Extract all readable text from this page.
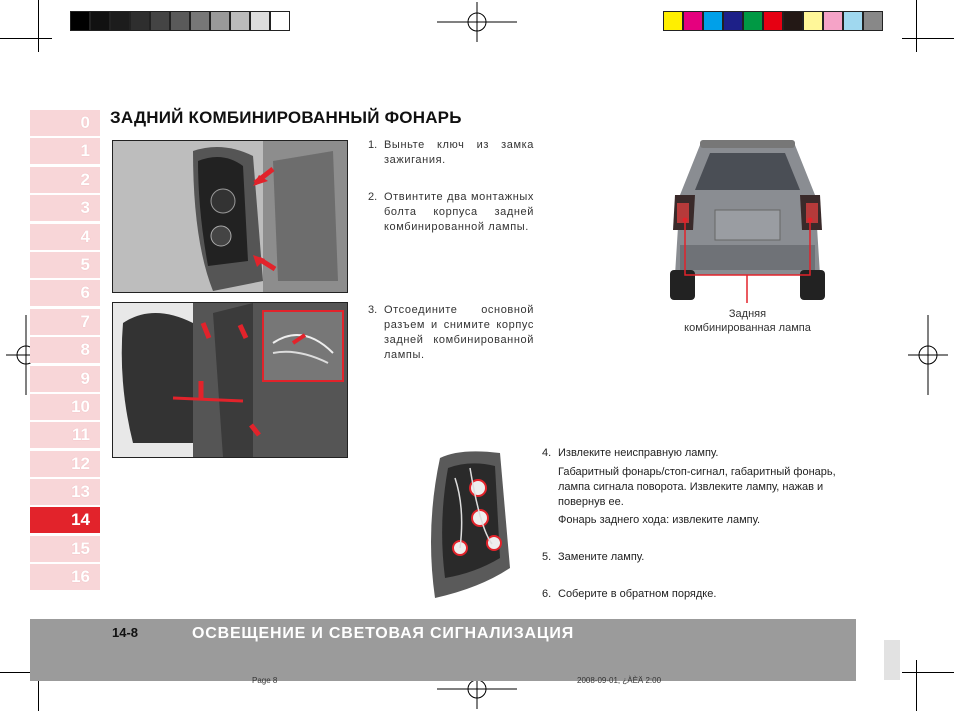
0
1
2
3
4
5
6
7
8
9
10
11
12
13
14
15
16
ЗАДНИЙ КОМБИНИРОВАННЫЙ ФОНАРЬ
1. Выньте ключ из замка зажигания.
2. Отвинтите два монтажных болта корпуса задней комбинированной лампы.
3. Отсоедините основной разъем и снимите корпус задней комбинированной лампы.
Задняя
комбинированная лампа
4. Извлеките неисправную лампу.
Габаритный фонарь/стоп-сигнал, габаритный фонарь, лампа сигнала поворота. Извлеките лампу, нажав и повернув ее.
Фонарь заднего хода: извлеките лампу.
5. Замените лампу.
6. Соберите в обратном порядке.
14-8	ОСВЕЩЕНИЕ И СВЕТОВАЯ СИГНАЛИЗАЦИЯ
Page 8	2008-09-01, ¿ÀÈÄ 2:00
